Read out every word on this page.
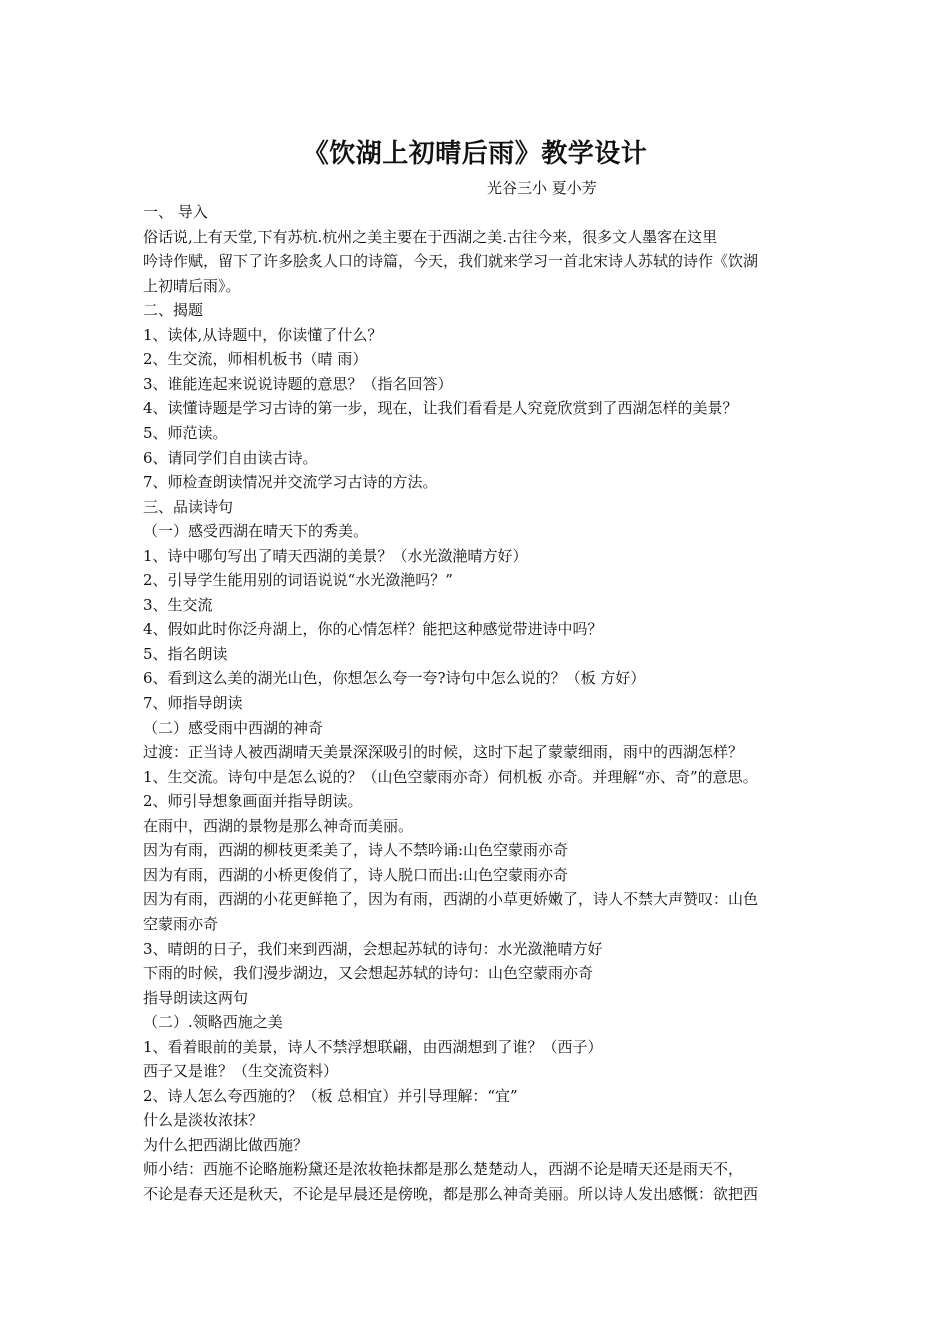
《饮湖上初晴后雨》教学设计
光谷三小 夏小芳
一、 导入
俗话说,上有天堂,下有苏杭.杭州之美主要在于西湖之美.古往今来，很多文人墨客在这里
吟诗作赋，留下了许多脍炙人口的诗篇，今天，我们就来学习一首北宋诗人苏轼的诗作《饮湖
上初晴后雨》。
二、揭题
1、读体,从诗题中，你读懂了什么？
2、生交流，师相机板书（晴 雨）
3、谁能连起来说说诗题的意思？（指名回答）
4、读懂诗题是学习古诗的第一步，现在，让我们看看是人究竟欣赏到了西湖怎样的美景？
5、师范读。
6、请同学们自由读古诗。
7、师检查朗读情况并交流学习古诗的方法。
三、品读诗句
（一）感受西湖在晴天下的秀美。
1、诗中哪句写出了晴天西湖的美景？（水光潋滟晴方好）
2、引导学生能用别的词语说说“水光潋滟吗？”
3、生交流
4、假如此时你泛舟湖上，你的心情怎样？能把这种感觉带进诗中吗？
5、指名朗读
6、看到这么美的湖光山色，你想怎么夸一夸?诗句中怎么说的？（板 方好）
7、师指导朗读
（二）感受雨中西湖的神奇
过渡：正当诗人被西湖晴天美景深深吸引的时候，这时下起了蒙蒙细雨，雨中的西湖怎样？
1、生交流。诗句中是怎么说的？（山色空蒙雨亦奇）伺机板 亦奇。并理解“亦、奇”的意思。
2、师引导想象画面并指导朗读。
在雨中，西湖的景物是那么神奇而美丽。
因为有雨，西湖的柳枝更柔美了，诗人不禁吟诵:山色空蒙雨亦奇
因为有雨，西湖的小桥更俊俏了，诗人脱口而出:山色空蒙雨亦奇
因为有雨，西湖的小花更鲜艳了，因为有雨，西湖的小草更娇嫩了，诗人不禁大声赞叹：山色
空蒙雨亦奇
3、晴朗的日子，我们来到西湖，会想起苏轼的诗句：水光潋滟晴方好
下雨的时候，我们漫步湖边，又会想起苏轼的诗句：山色空蒙雨亦奇
指导朗读这两句
（二）.领略西施之美
1、看着眼前的美景，诗人不禁浮想联翩，由西湖想到了谁？（西子）
西子又是谁？（生交流资料）
2、诗人怎么夸西施的？（板 总相宜）并引导理解：“宜”
什么是淡妆浓抹？
为什么把西湖比做西施？
师小结：西施不论略施粉黛还是浓妆艳抹都是那么楚楚动人，西湖不论是晴天还是雨天不，
不论是春天还是秋天，不论是早晨还是傍晚，都是那么神奇美丽。所以诗人发出感慨：欲把西
